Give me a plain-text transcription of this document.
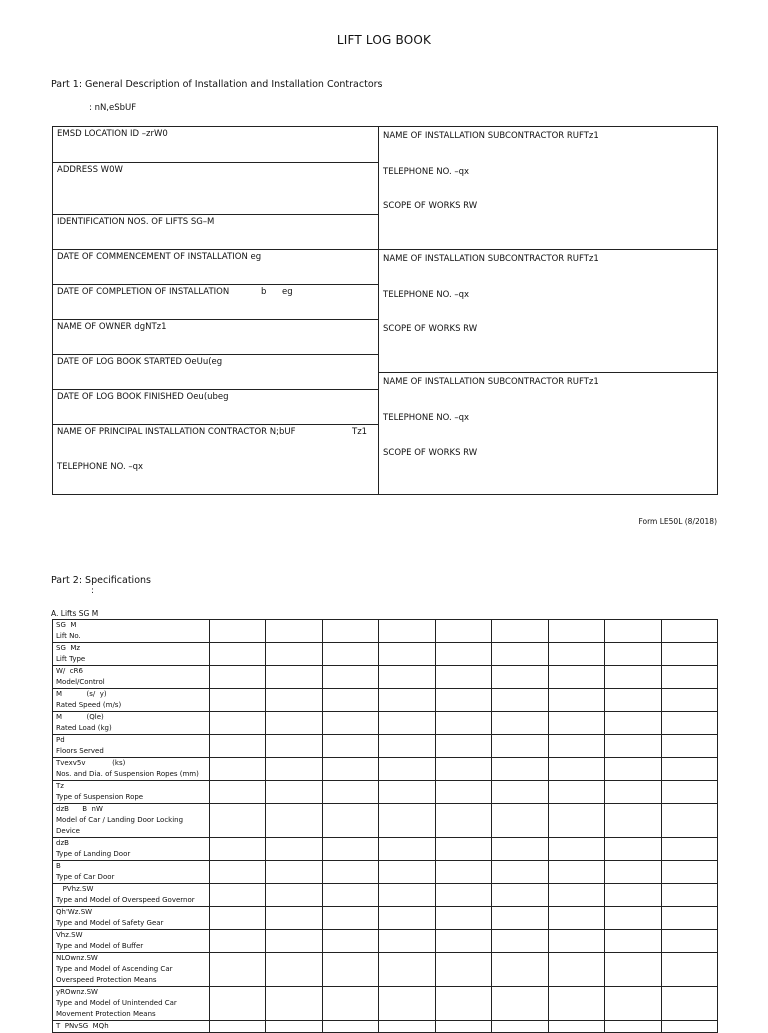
LIFT LOG BOOK
Part 1: General Description of Installation and Installation Contractors
: nN,eSbUF
EMSD LOCATION ID –zrW0
ADDRESS W0W
IDENTIFICATION NOS. OF LIFTS SG–M
DATE OF COMMENCEMENT OF INSTALLATION eg
DATE OF COMPLETION OF INSTALLATION	b eg
NAME OF OWNER dgNTz1
DATE OF LOG BOOK STARTED OeUu(eg
DATE OF LOG BOOK FINISHED Oeu(ubeg
NAME OF PRINCIPAL INSTALLATION CONTRACTOR N;bUF	Tz1
TELEPHONE NO. –qx
NAME OF INSTALLATION SUBCONTRACTOR RUFTz1
TELEPHONE NO. –qx
SCOPE OF WORKS RW
NAME OF INSTALLATION SUBCONTRACTOR RUFTz1
TELEPHONE NO. –qx
SCOPE OF WORKS RW
NAME OF INSTALLATION SUBCONTRACTOR RUFTz1
TELEPHONE NO. –qx
SCOPE OF WORKS RW
Form LE50L (8/2018)
Part 2: Specifications
:
A. Lifts SG M
SG  M
Lift No.									

SG  Mz
Lift Type									

W/  cR6
Model/Control									

M           (s/  y)
Rated Speed (m/s)									

M           (Qle)
Rated Load (kg)									

Pd
Floors Served									

Tvexv5v            (ks)
Nos. and Dia. of Suspension Ropes (mm)									

Tz
Type of Suspension Rope									

dzB      B  nW
Model of Car / Landing Door Locking Device									

dzB
Type of Landing Door									

B
Type of Car Door									

PVhz.SW
Type and Model of Overspeed Governor									

Qh'Wz.SW
Type and Model of Safety Gear									

Vhz.SW
Type and Model of Buffer									

NLOwnz.SW
Type and Model of Ascending Car Overspeed Protection Means									

yROwnz.SW
Type and Model of Unintended Car Movement Protection Means									

T  PNvSG  MQh									
